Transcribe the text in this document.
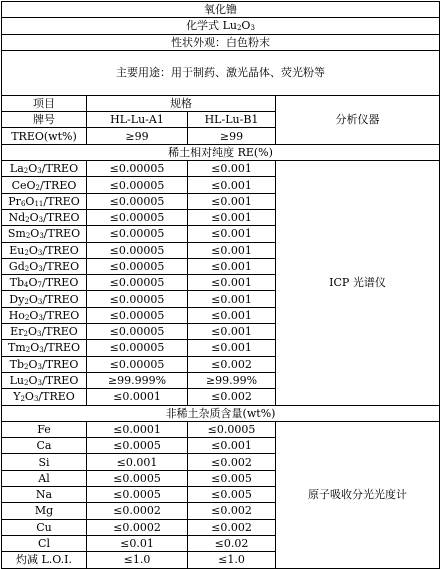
氧化镥			
化学式 $Lu_2O_3$
性状外观：白色粉末			
主要用途：用于制药、激光晶体、荧光粉等			
项目	规格		分析仪器
牌号	HL-Lu-A1	HL-Lu-B1	
TREO(wt%)	≥99	≥99	
稀土相对纯度 RE(%)			
$La_2O_3$/TREO	≤0.00005	≤0.001	ICP 光谱仪
CeO$_2$/TREO	≤0.00005	≤0.001	
$Pr_6O_{11}$/TREO	≤0.00005	≤0.001	
$Nd_2O_3$/TREO	≤0.00005	≤0.001	
$Sm_2O_3$/TREO	≤0.00005	≤0.001	
$Eu_2O_3$/TREO	≤0.00005	≤0.001	
$Gd_2O_3$/TREO	≤0.00005	≤0.001	
$Tb_4O_7$/TREO	≤0.00005	≤0.001	
$Dy_2O_3$/TREO	≤0.00005	≤0.001	
$Ho_2O_3$/TREO	≤0.00005	≤0.001	
$Er_2O_3$/TREO	≤0.00005	≤0.001	
$Tm_2O_3$/TREO	≤0.00005	≤0.001	
$Tb_2O_3$/TREO	≤0.00005	≤0.002	
$Lu_2O_3$/TREO	≥99.999%	≥99.99%	
$Y_2O_3$/TREO	≤0.0001	≤0.002	
非稀土杂质含量(wt%)			
Fe	≤0.0001	≤0.0005	原子吸收分光光度计
Ca	≤0.0005	≤0.001	
Si	≤0.001	≤0.002	
Al	≤0.0005	≤0.005	
Na	≤0.0005	≤0.005	
Mg	≤0.0002	≤0.002	
Cu	≤0.0002	≤0.002	
Cl	≤0.01	≤0.02	
灼减 L.O.I.	≤1.0	≤1.0	
